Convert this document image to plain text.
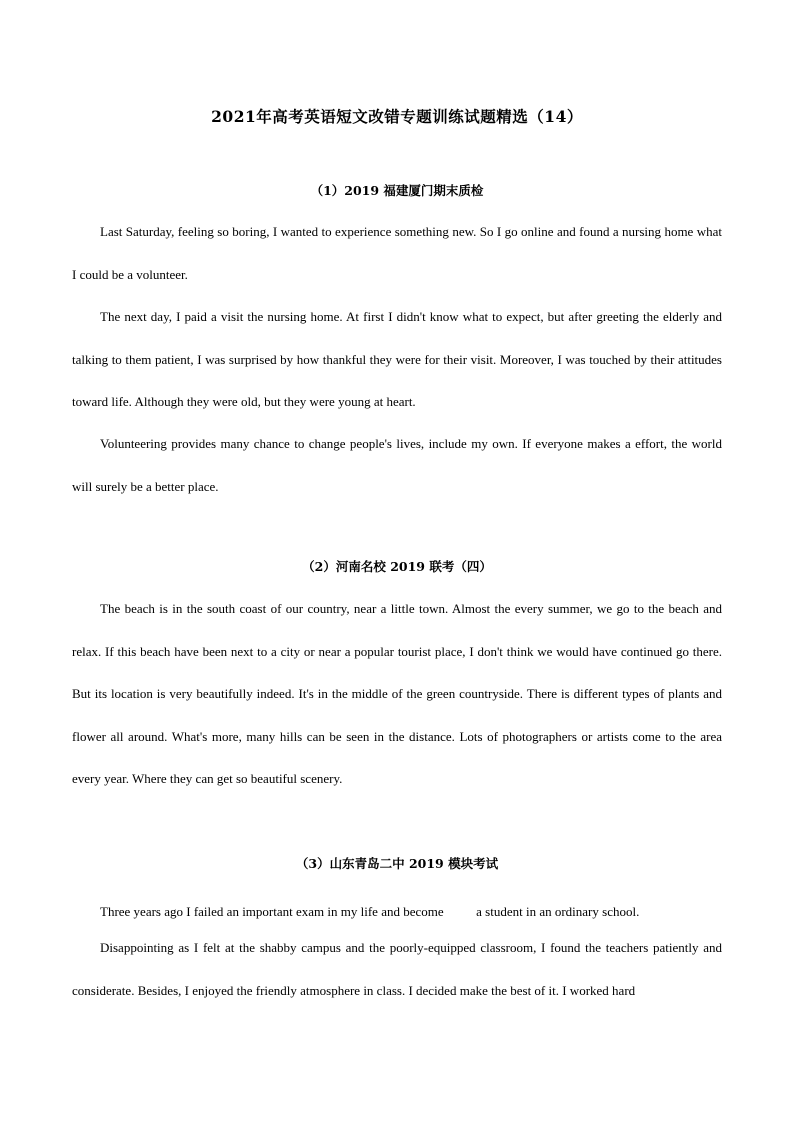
2021年高考英语短文改错专题训练试题精选（14）
（1）2019 福建厦门期末质检

Last Saturday, feeling so boring, I wanted to experience something new. So I go online and found a nursing home what I could be a volunteer.

The next day, I paid a visit the nursing home. At first I didn't know what to expect, but after greeting the elderly and talking to them patient, I was surprised by how thankful they were for their visit. Moreover, I was touched by their attitudes toward life. Although they were old, but they were young at heart.

Volunteering provides many chance to change people's lives, include my own. If everyone makes a effort, the world will surely be a better place.

（2）河南名校 2019 联考（四）

The beach is in the south coast of our country, near a little town. Almost the every summer, we go to the beach and relax. If this beach have been next to a city or near a popular tourist place, I don't think we would have continued go there. But its location is very beautifully indeed. It's in the middle of the green countryside. There is different types of plants and flower all around. What's more, many hills can be seen in the distance. Lots of photographers or artists come to the area every year. Where they can get so beautiful scenery.

（3）山东青岛二中 2019 模块考试

Three years ago I failed an important exam in my life and become          a student in an ordinary school.

Disappointing as I felt at the shabby campus and the poorly-equipped classroom, I found the teachers patiently and considerate. Besides, I enjoyed the friendly atmosphere in class. I decided make the best of it. I worked hard
